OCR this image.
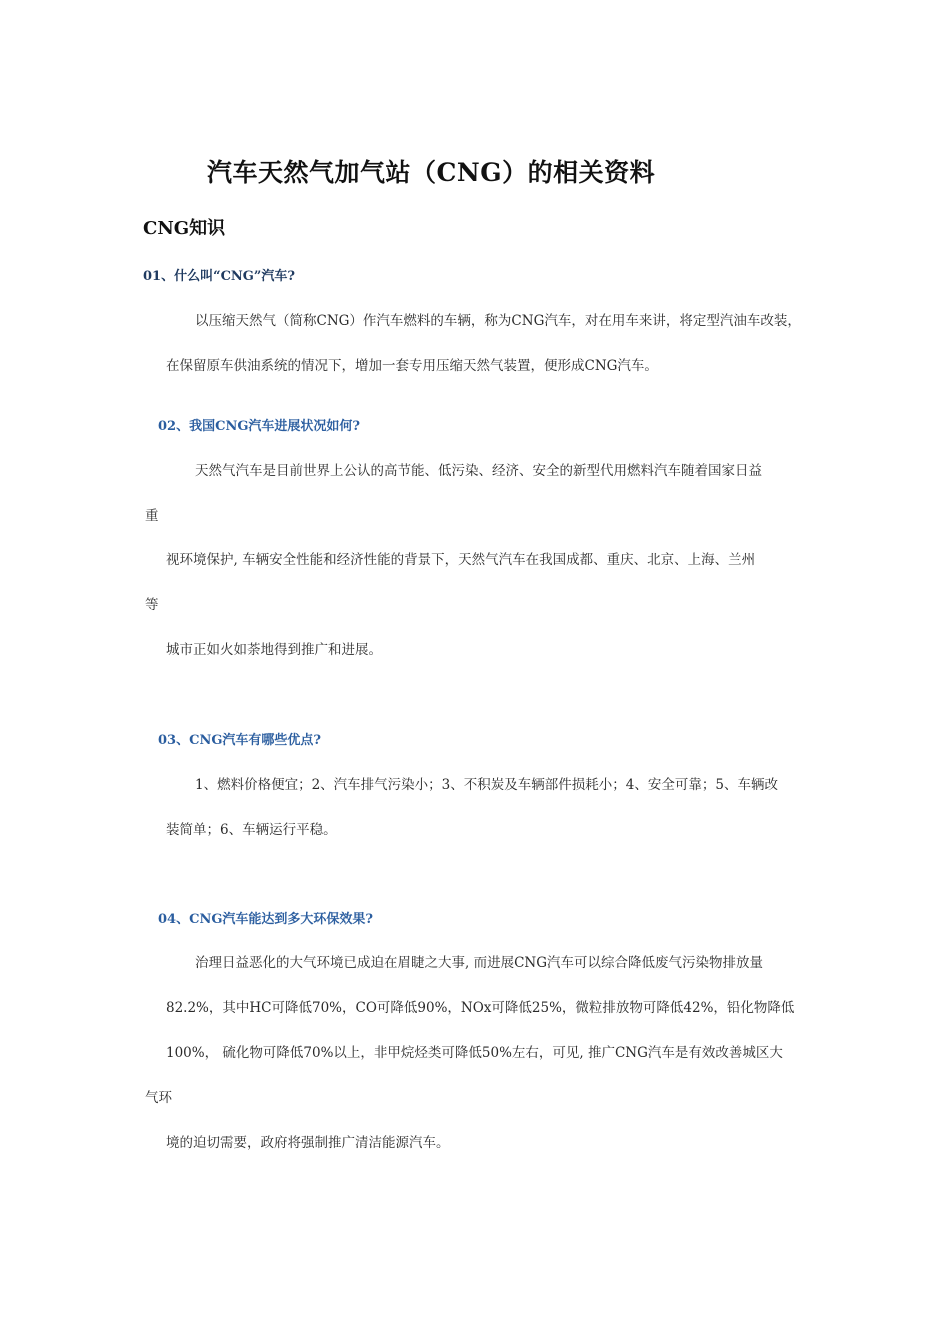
汽车天然气加气站（CNG）的相关资料
CNG知识
01、什么叫“CNG”汽车?
以压缩天然气（简称CNG）作汽车燃料的车辆，称为CNG汽车，对在用车来讲，将定型汽油车改装，
在保留原车供油系统的情况下，增加一套专用压缩天然气装置，便形成CNG汽车。
02、我国CNG汽车进展状况如何?
天然气汽车是目前世界上公认的高节能、低污染、经济、安全的新型代用燃料汽车随着国家日益
重
视环境保护, 车辆安全性能和经济性能的背景下，天然气汽车在我国成都、重庆、北京、上海、兰州
等
城市正如火如荼地得到推广和进展。
03、CNG汽车有哪些优点?
1、燃料价格便宜；2、汽车排气污染小；3、不积炭及车辆部件损耗小；4、安全可靠；5、车辆改
装简单；6、车辆运行平稳。
04、CNG汽车能达到多大环保效果?
治理日益恶化的大气环境已成迫在眉睫之大事, 而进展CNG汽车可以综合降低废气污染物排放量
82.2%，其中HC可降低70%，CO可降低90%，NOx可降低25%，微粒排放物可降低42%，铅化物降低
100%， 硫化物可降低70%以上，非甲烷烃类可降低50%左右，可见, 推广CNG汽车是有效改善城区大
气环
境的迫切需要，政府将强制推广清洁能源汽车。
